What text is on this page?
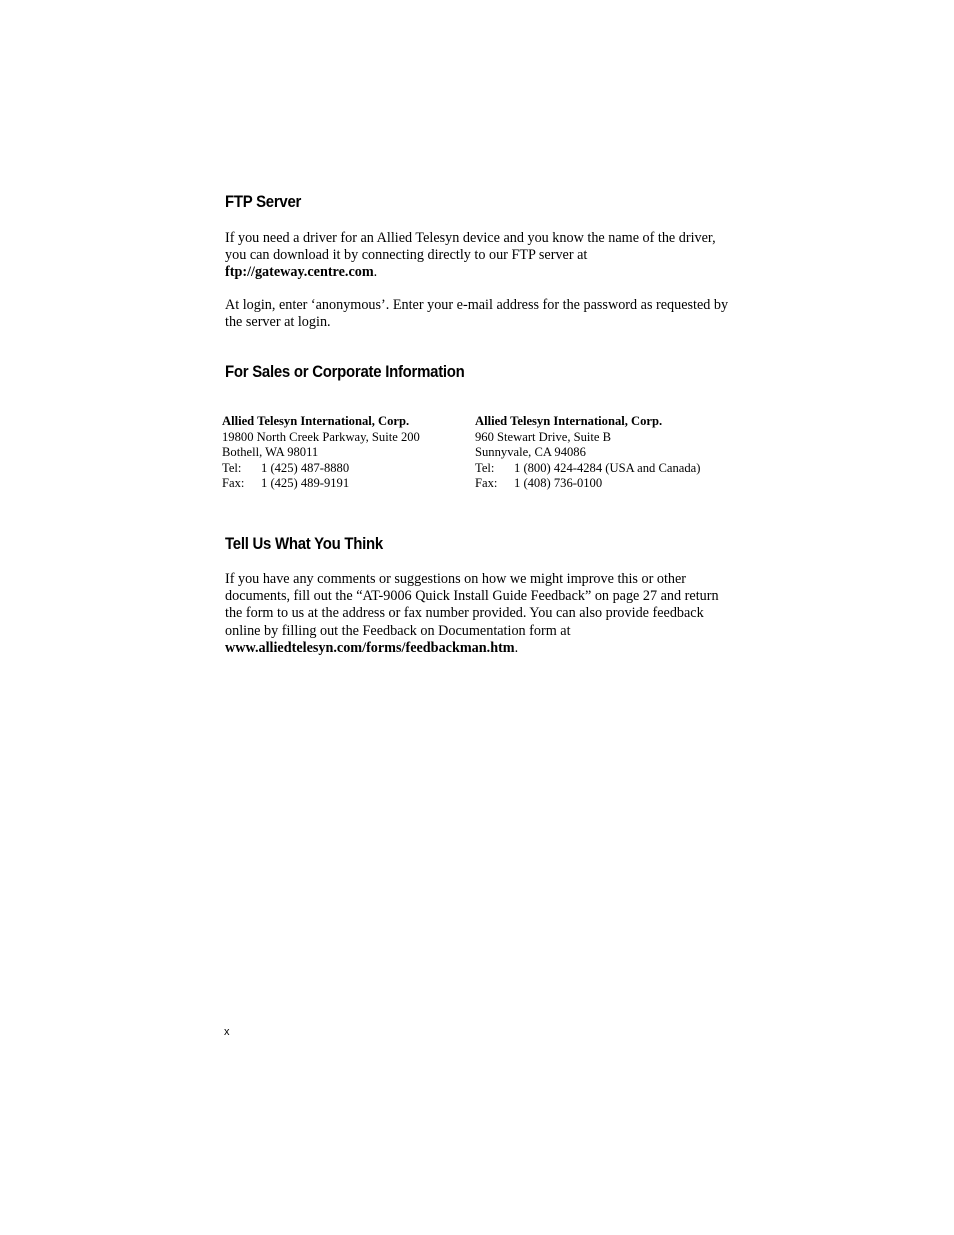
FTP Server

If you need a driver for an Allied Telesyn device and you know the name of the driver, you can download it by connecting directly to our FTP server at ftp://gateway.centre.com.

At login, enter ‘anonymous’. Enter your e-mail address for the password as requested by the server at login.

For Sales or Corporate Information
Allied Telesyn International, Corp.
19800 North Creek Parkway, Suite 200
Bothell, WA 98011
Tel: 1 (425) 487-8880
Fax: 1 (425) 489-9191
Allied Telesyn International, Corp.
960 Stewart Drive, Suite B
Sunnyvale, CA 94086
Tel: 1 (800) 424-4284 (USA and Canada)
Fax: 1 (408) 736-0100
Tell Us What You Think

If you have any comments or suggestions on how we might improve this or other documents, fill out the “AT-9006 Quick Install Guide Feedback” on page 27 and return the form to us at the address or fax number provided. You can also provide feedback online by filling out the Feedback on Documentation form at www.alliedtelesyn.com/forms/feedbackman.htm.

x
